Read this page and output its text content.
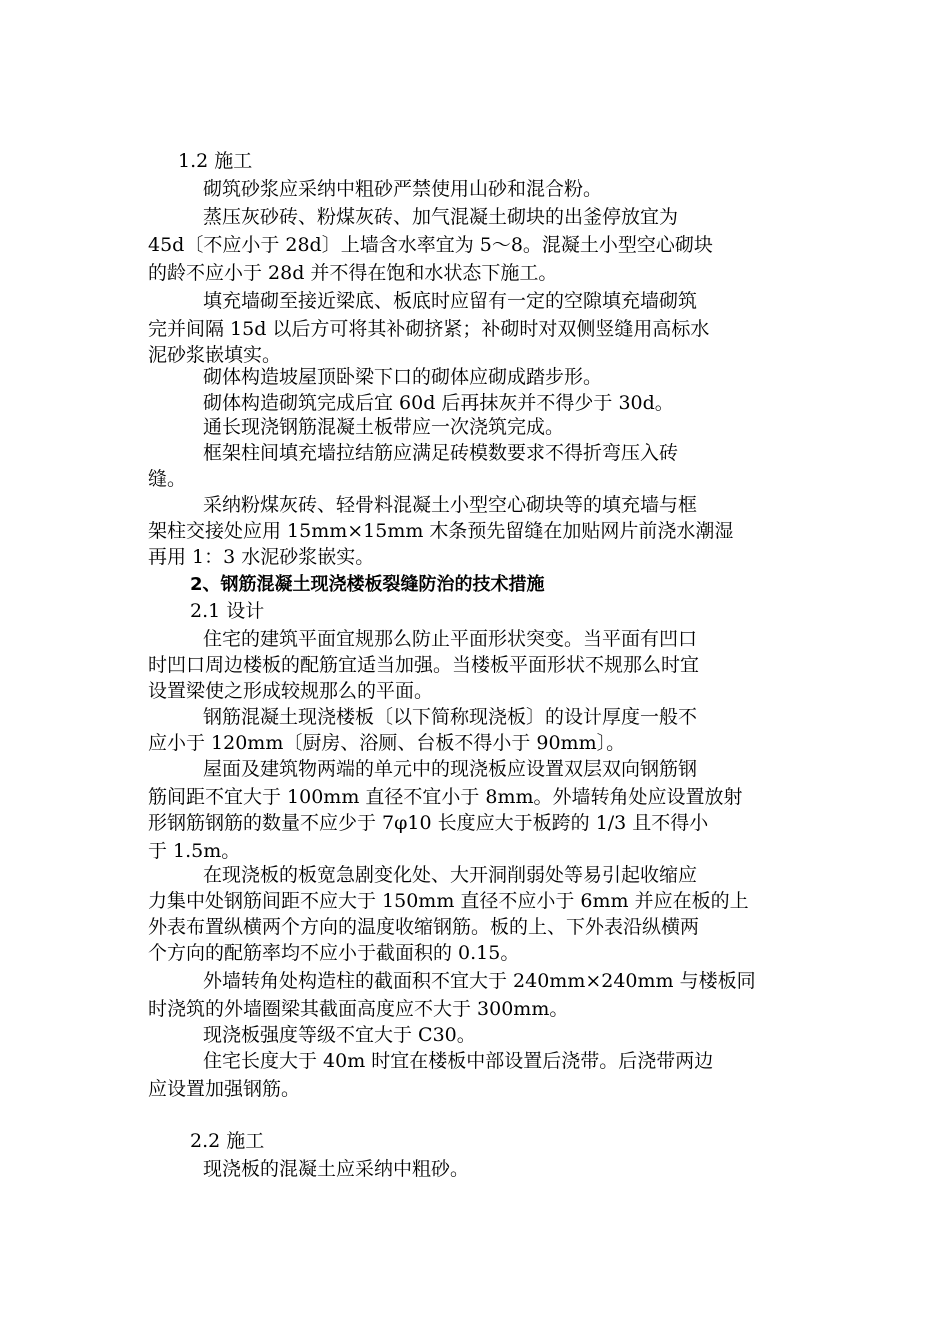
1.2 施工
砌筑砂浆应采纳中粗砂严禁使用山砂和混合粉。
蒸压灰砂砖、粉煤灰砖、加气混凝土砌块的出釜停放宜为
45d〔不应小于 28d〕上墙含水率宜为 5～8。混凝土小型空心砌块
的龄不应小于 28d 并不得在饱和水状态下施工。
填充墙砌至接近梁底、板底时应留有一定的空隙填充墙砌筑
完并间隔 15d 以后方可将其补砌挤紧；补砌时对双侧竖缝用高标水
泥砂浆嵌填实。
砌体构造坡屋顶卧梁下口的砌体应砌成踏步形。
砌体构造砌筑完成后宜 60d 后再抹灰并不得少于 30d。
通长现浇钢筋混凝土板带应一次浇筑完成。
框架柱间填充墙拉结筋应满足砖模数要求不得折弯压入砖
缝。
采纳粉煤灰砖、轻骨料混凝土小型空心砌块等的填充墙与框
架柱交接处应用 15mm×15mm 木条预先留缝在加贴网片前浇水潮湿
再用 1：3 水泥砂浆嵌实。
2、钢筋混凝土现浇楼板裂缝防治的技术措施
2.1 设计
住宅的建筑平面宜规那么防止平面形状突变。当平面有凹口
时凹口周边楼板的配筋宜适当加强。当楼板平面形状不规那么时宜
设置梁使之形成较规那么的平面。
钢筋混凝土现浇楼板〔以下简称现浇板〕的设计厚度一般不
应小于 120mm〔厨房、浴厕、台板不得小于 90mm〕。
屋面及建筑物两端的单元中的现浇板应设置双层双向钢筋钢
筋间距不宜大于 100mm 直径不宜小于 8mm。外墙转角处应设置放射
形钢筋钢筋的数量不应少于 7φ10 长度应大于板跨的 1/3 且不得小
于 1.5m。
在现浇板的板宽急剧变化处、大开洞削弱处等易引起收缩应
力集中处钢筋间距不应大于 150mm 直径不应小于 6mm 并应在板的上
外表布置纵横两个方向的温度收缩钢筋。板的上、下外表沿纵横两
个方向的配筋率均不应小于截面积的 0.15。
外墙转角处构造柱的截面积不宜大于 240mm×240mm 与楼板同
时浇筑的外墙圈梁其截面高度应不大于 300mm。
现浇板强度等级不宜大于 C30。
住宅长度大于 40m 时宜在楼板中部设置后浇带。后浇带两边
应设置加强钢筋。
2.2 施工
现浇板的混凝土应采纳中粗砂。
